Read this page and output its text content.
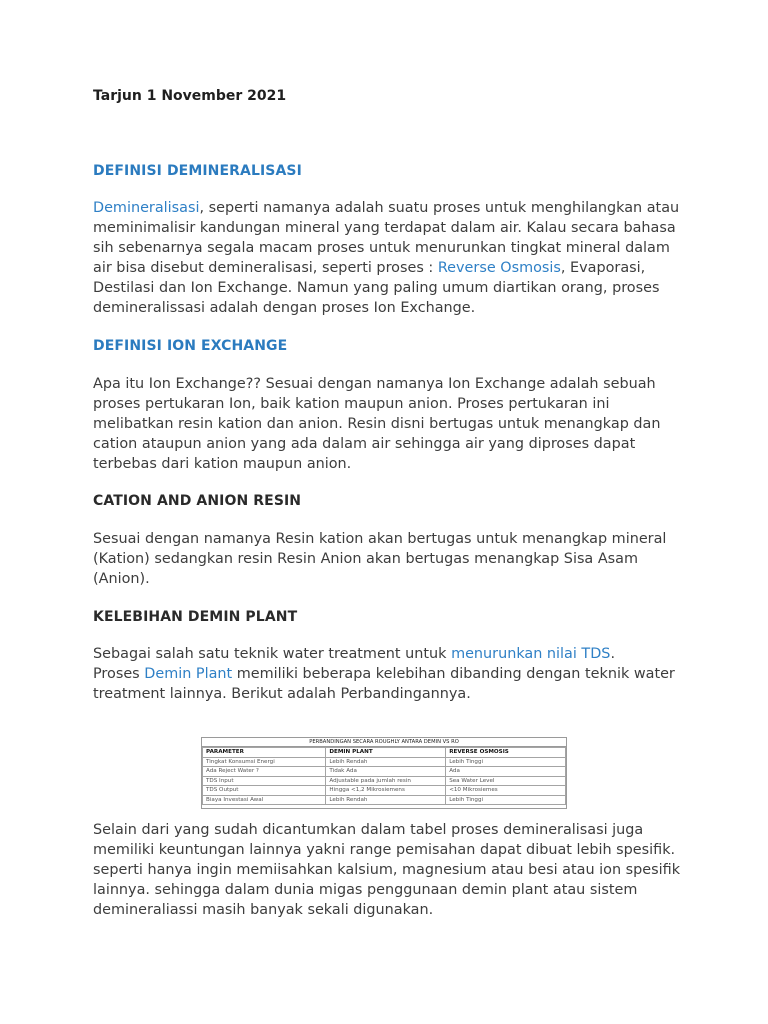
Tarjun 1 November 2021
DEFINISI DEMINERALISASI
Demineralisasi, seperti namanya adalah suatu proses untuk menghilangkan atau meminimalisir kandungan mineral yang terdapat dalam air. Kalau secara bahasa sih sebenarnya segala macam proses untuk menurunkan tingkat mineral dalam air bisa disebut demineralisasi, seperti proses : Reverse Osmosis, Evaporasi, Destilasi dan Ion Exchange. Namun yang paling umum diartikan orang, proses demineralissasi adalah dengan proses Ion Exchange.
DEFINISI ION EXCHANGE
Apa itu Ion Exchange?? Sesuai dengan namanya Ion Exchange adalah sebuah proses pertukaran Ion, baik kation maupun anion. Proses pertukaran ini melibatkan resin kation dan anion. Resin disni bertugas untuk menangkap dan cation ataupun anion yang ada dalam air sehingga air yang diproses dapat terbebas dari kation maupun anion.
CATION AND ANION RESIN
Sesuai dengan namanya Resin kation akan bertugas untuk menangkap mineral (Kation) sedangkan resin Resin Anion akan bertugas menangkap Sisa Asam (Anion).
KELEBIHAN DEMIN PLANT
Sebagai salah satu teknik water treatment untuk menurunkan nilai TDS.
Proses Demin Plant memiliki beberapa kelebihan dibanding dengan teknik water treatment lainnya. Berikut adalah Perbandingannya.
PERBANDINGAN SECARA ROUGHLY ANTARA DEMIN VS RO
PARAMETER	DEMIN PLANT	REVERSE OSMOSIS
Tingkat Konsumsi Energi	Lebih Rendah	Lebih Tinggi
Ada Reject Water ?	Tidak Ada	Ada
TDS Input	Adjustable pada jumlah resin	Sea Water Level
TDS Output	Hingga <1,2 Mikrosiemens	<10 Mikrosiemes
Biaya Investasi Awal	Lebih Rendah	Lebih Tinggi
Selain dari yang sudah dicantumkan dalam tabel proses demineralisasi juga memiliki keuntungan lainnya yakni range pemisahan dapat dibuat lebih spesifik. seperti hanya ingin memiisahkan kalsium, magnesium atau besi atau ion spesifik lainnya. sehingga dalam dunia migas penggunaan demin plant atau sistem demineraliassi masih banyak sekali digunakan.
